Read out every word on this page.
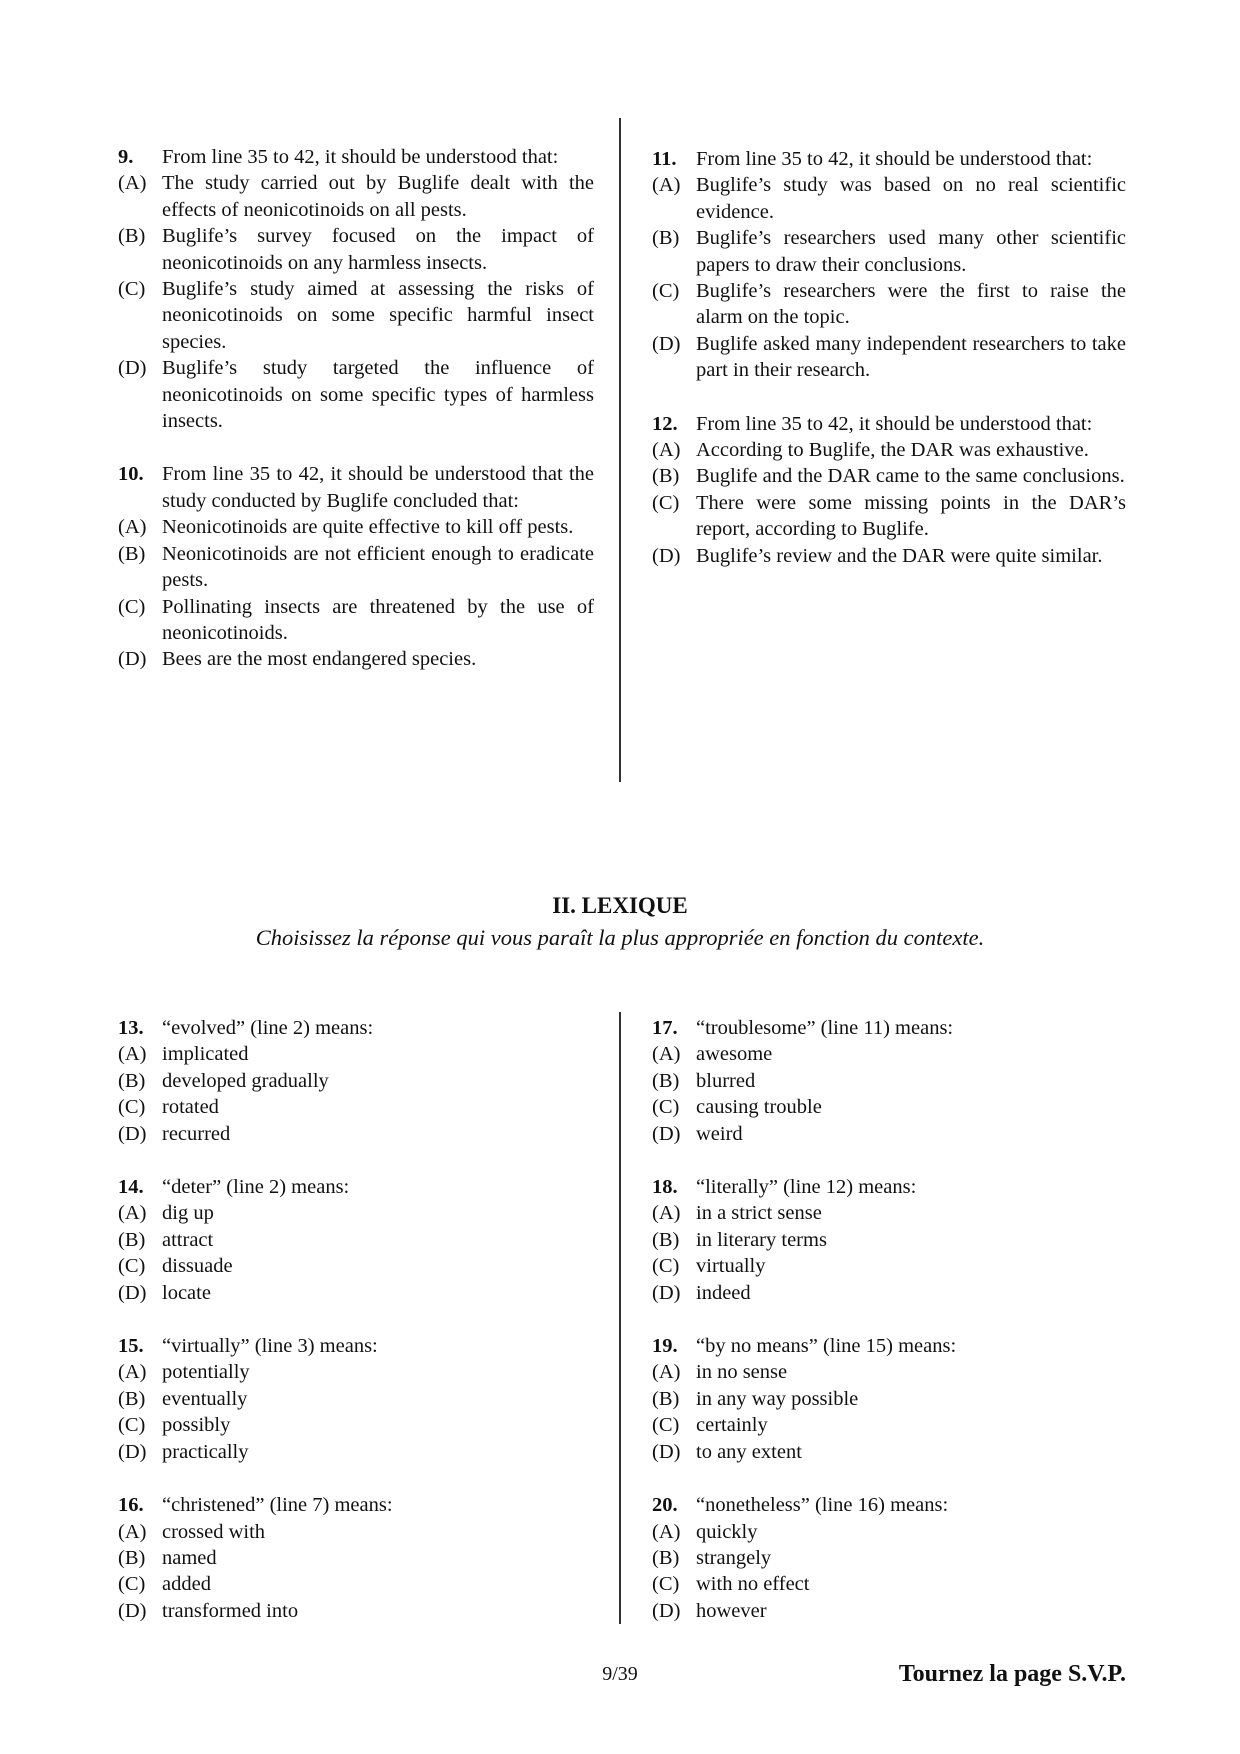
9.	From line 35 to 42, it should be understood that:
(A) The study carried out by Buglife dealt with the effects of neonicotinoids on all pests.
(B) Buglife’s survey focused on the impact of neonicotinoids on any harmless insects.
(C) Buglife’s study aimed at assessing the risks of neonicotinoids on some specific harmful insect species.
(D) Buglife’s study targeted the influence of neonicotinoids on some specific types of harmless insects.
10. From line 35 to 42, it should be understood that the study conducted by Buglife concluded that:
(A) Neonicotinoids are quite effective to kill off pests.
(B) Neonicotinoids are not efficient enough to eradicate pests.
(C) Pollinating insects are threatened by the use of neonicotinoids.
(D) Bees are the most endangered species.
11. From line 35 to 42, it should be understood that:
(A) Buglife’s study was based on no real scientific evidence.
(B) Buglife’s researchers used many other scientific papers to draw their conclusions.
(C) Buglife’s researchers were the first to raise the alarm on the topic.
(D) Buglife asked many independent researchers to take part in their research.
12. From line 35 to 42, it should be understood that:
(A) According to Buglife, the DAR was exhaustive.
(B) Buglife and the DAR came to the same conclusions.
(C) There were some missing points in the DAR’s report, according to Buglife.
(D) Buglife’s review and the DAR were quite similar.
II. LEXIQUE
Choisissez la réponse qui vous paraît la plus appropriée en fonction du contexte.
13. “evolved” (line 2) means:
(A) implicated
(B) developed gradually
(C) rotated
(D) recurred
14. “deter” (line 2) means:
(A) dig up
(B) attract
(C) dissuade
(D) locate
15. “virtually” (line 3) means:
(A) potentially
(B) eventually
(C) possibly
(D) practically
16. “christened” (line 7) means:
(A) crossed with
(B) named
(C) added
(D) transformed into
17. “troublesome” (line 11) means:
(A) awesome
(B) blurred
(C) causing trouble
(D) weird
18. “literally” (line 12) means:
(A) in a strict sense
(B) in literary terms
(C) virtually
(D) indeed
19. “by no means” (line 15) means:
(A) in no sense
(B) in any way possible
(C) certainly
(D) to any extent
20. “nonetheless” (line 16) means:
(A) quickly
(B) strangely
(C) with no effect
(D) however
9/39	Tournez la page S.V.P.
